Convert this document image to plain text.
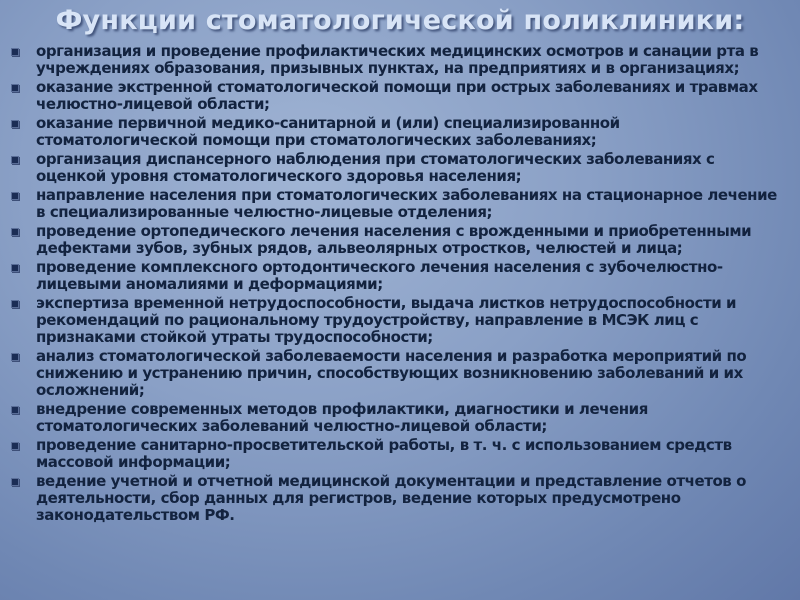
Функции стоматологической поликлиники:
организация и проведение профилактических медицинских осмотров и санации рта в учреждениях образования, призывных пунктах, на предприятиях и в организациях;
оказание экстренной стоматологической помощи при острых заболеваниях и травмах челюстно-лицевой области;
оказание первичной медико-санитарной и (или) специализированной стоматологической помощи при стоматологических заболеваниях;
организация диспансерного наблюдения при стоматологических заболеваниях с оценкой уровня стоматологического здоровья населения;
направление населения при стоматологических заболеваниях на стационарное лечение в специализированные челюстно-лицевые отделения;
проведение ортопедического лечения населения с врожденными и приобретенными дефектами зубов, зубных рядов, альвеолярных отростков, челюстей и лица;
проведение комплексного ортодонтического лечения населения с зубочелюстно-лицевыми аномалиями и деформациями;
экспертиза временной нетрудоспособности, выдача листков нетрудоспособности и рекомендаций по рациональному трудоустройству, направление в МСЭК лиц с признаками стойкой утраты трудоспособности;
анализ стоматологической заболеваемости населения и разработка мероприятий по снижению и устранению причин, способствующих возникновению заболеваний и их осложнений;
внедрение современных методов профилактики, диагностики и лечения стоматологических заболеваний челюстно-лицевой области;
проведение санитарно-просветительской работы, в т. ч. с использованием средств массовой информации;
ведение учетной и отчетной медицинской документации и представление отчетов о деятельности, сбор данных для регистров, ведение которых предусмотрено законодательством РФ.
